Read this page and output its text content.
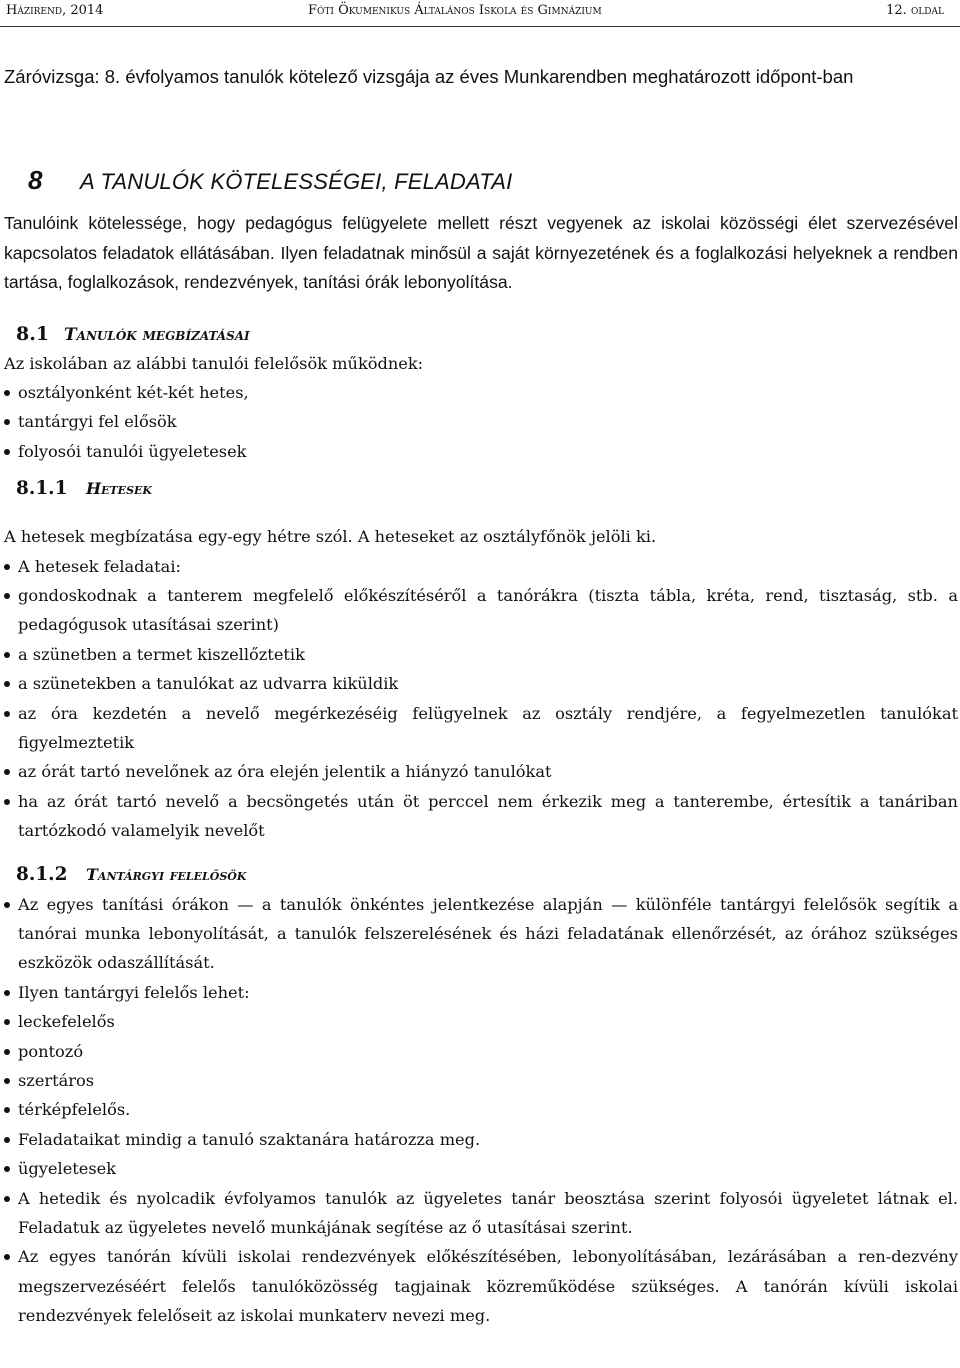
Házirend, 2014	Fóti Ökumenikus Általános Iskola és Gimnázium	12. oldal

Záróvizsga: 8. évfolyamos tanulók kötelező vizsgája az éves Munkarendben meghatározott időpont-ban

8 A TANULÓK KÖTELESSÉGEI, FELADATAI

Tanulóink kötelessége, hogy pedagógus felügyelete mellett részt vegyenek az iskolai közösségi élet szervezésével kapcsolatos feladatok ellátásában. Ilyen feladatnak minősül a saját környezetének és a foglalkozási helyeknek a rendben tartása, foglalkozások, rendezvények, tanítási órák lebonyolítása.

8.1 Tanulók megbízatásai

Az iskolában az alábbi tanulói felelősök működnek:

osztályonként két-két hetes,
tantárgyi fel elősök
folyosói tanulói ügyeletesek
8.1.1 Hetesek

A hetesek megbízatása egy-egy hétre szól. A heteseket az osztályfőnök jelöli ki.

A hetesek feladatai:
gondoskodnak a tanterem megfelelő előkészítéséről a tanórákra (tiszta tábla, kréta, rend, tisztaság, stb. a pedagógusok utasításai szerint)
a szünetben a termet kiszellőztetik
a szünetekben a tanulókat az udvarra kiküldik
az óra kezdetén a nevelő megérkezéséig felügyelnek az osztály rendjére, a fegyelmezetlen tanulókat figyelmeztetik
az órát tartó nevelőnek az óra elején jelentik a hiányzó tanulókat
ha az órát tartó nevelő a becsöngetés után öt perccel nem érkezik meg a tanterembe, értesítik a tanáriban tartózkodó valamelyik nevelőt
8.1.2 Tantárgyi felelősök
Az egyes tanítási órákon — a tanulók önkéntes jelentkezése alapján — különféle tantárgyi felelősök segítik a tanórai munka lebonyolítását, a tanulók felszerelésének és házi feladatának ellenőrzését, az órához szükséges eszközök odaszállítását.
Ilyen tantárgyi felelős lehet:
leckefelelős
pontozó
szertáros
térképfelelős.
Feladataikat mindig a tanuló szaktanára határozza meg.
ügyeletesek
A hetedik és nyolcadik évfolyamos tanulók az ügyeletes tanár beosztása szerint folyosói ügyeletet látnak el. Feladatuk az ügyeletes nevelő munkájának segítése az ő utasításai szerint.
Az egyes tanórán kívüli iskolai rendezvények előkészítésében, lebonyolításában, lezárásában a ren-dezvény megszervezéséért felelős tanulóközösség tagjainak közreműködése szükséges. A tanórán kívüli iskolai rendezvények felelőseit az iskolai munkaterv nevezi meg.
